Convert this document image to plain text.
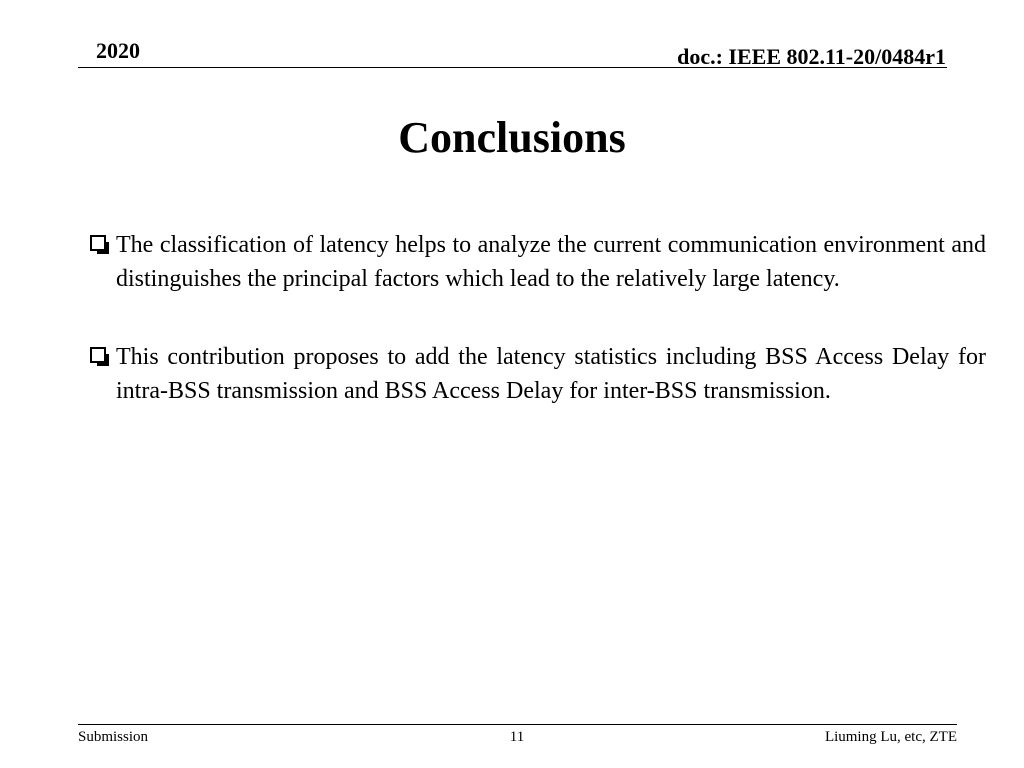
2020	doc.: IEEE 802.11-20/0484r1
Conclusions
The classification of latency helps to analyze the current communication environment and distinguishes the principal factors which lead to the relatively large latency.
This contribution proposes to add the latency statistics including BSS Access Delay for intra-BSS transmission and BSS Access Delay for inter-BSS transmission.
Submission	11	Liuming Lu, etc, ZTE
